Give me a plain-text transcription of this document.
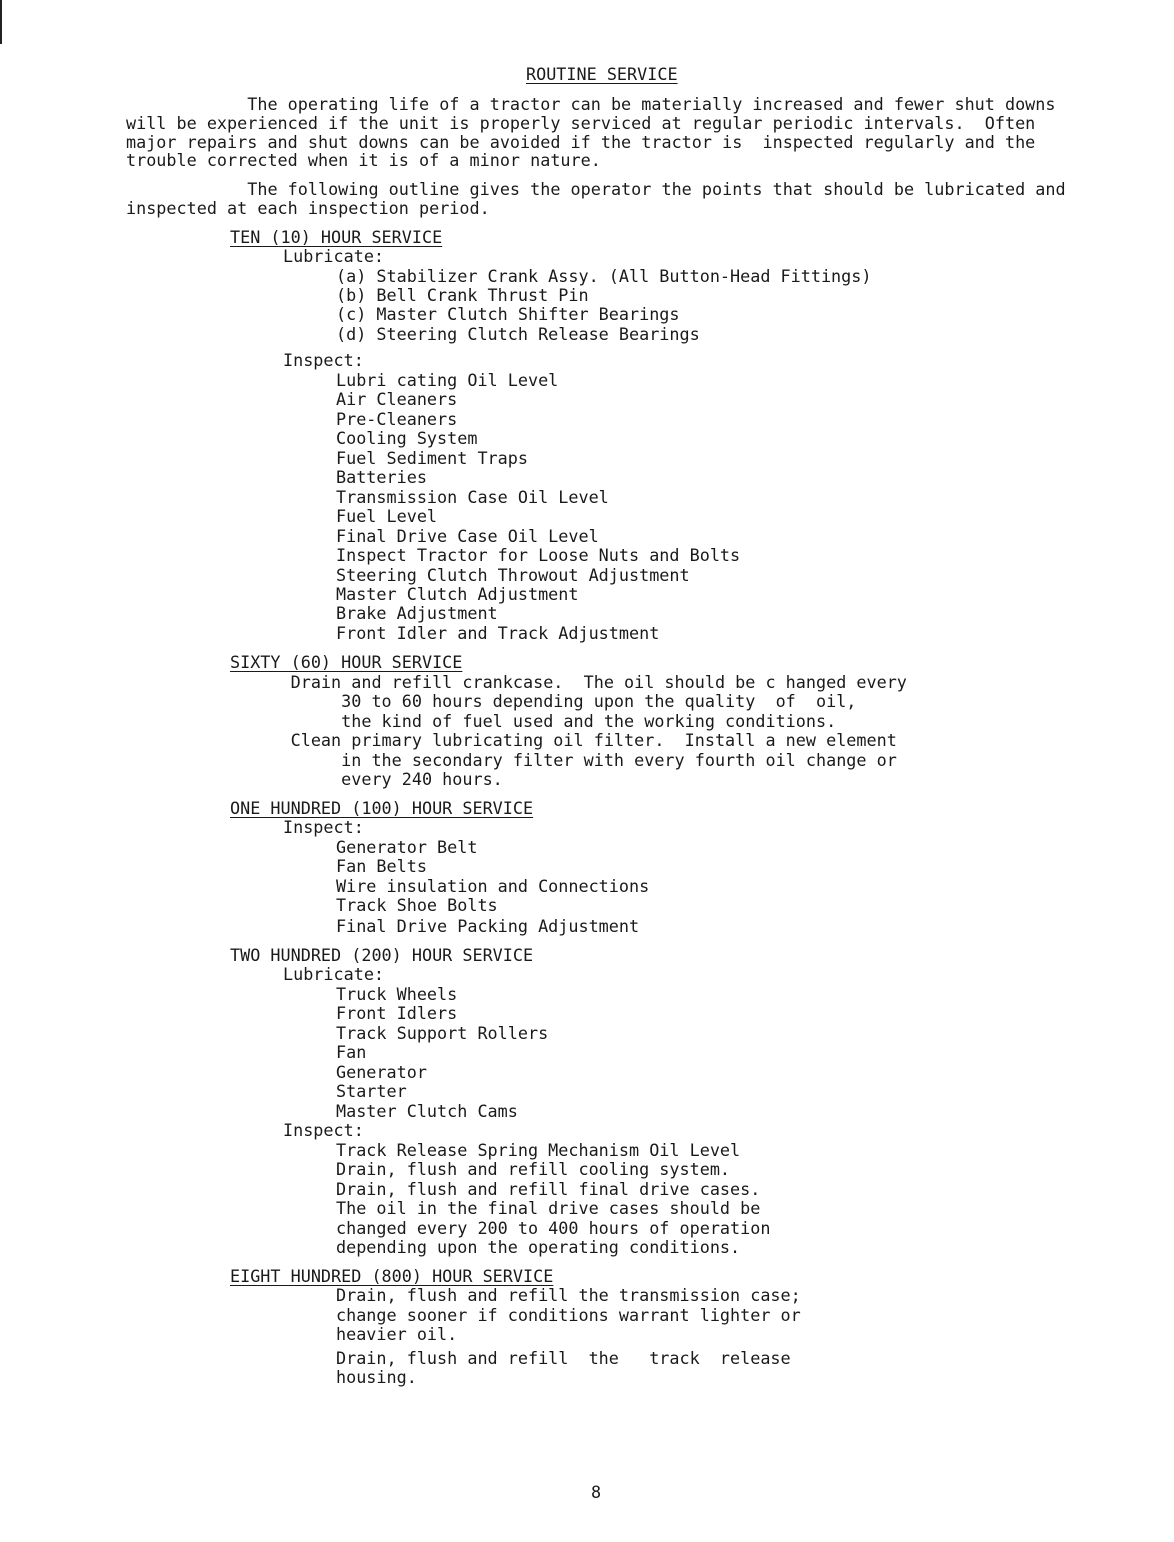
ROUTINE SERVICE
The operating life of a tractor can be materially increased and fewer shut downs
will be experienced if the unit is properly serviced at regular periodic intervals.  Often
major repairs and shut downs can be avoided if the tractor is  inspected regularly and the
trouble corrected when it is of a minor nature.
The following outline gives the operator the points that should be lubricated and
inspected at each inspection period.
TEN (10) HOUR SERVICE
Lubricate:
(a) Stabilizer Crank Assy. (All Button-Head Fittings)
(b) Bell Crank Thrust Pin
(c) Master Clutch Shifter Bearings
(d) Steering Clutch Release Bearings
Inspect:
Lubri cating Oil Level
Air Cleaners
Pre-Cleaners
Cooling System
Fuel Sediment Traps
Batteries
Transmission Case Oil Level
Fuel Level
Final Drive Case Oil Level
Inspect Tractor for Loose Nuts and Bolts
Steering Clutch Throwout Adjustment
Master Clutch Adjustment
Brake Adjustment
Front Idler and Track Adjustment
SIXTY (60) HOUR SERVICE
Drain and refill crankcase.  The oil should be c hanged every
30 to 60 hours depending upon the quality  of  oil,
the kind of fuel used and the working conditions.
Clean primary lubricating oil filter.  Install a new element
in the secondary filter with every fourth oil change or
every 240 hours.
ONE HUNDRED (100) HOUR SERVICE
Inspect:
Generator Belt
Fan Belts
Wire insulation and Connections
Track Shoe Bolts
Final Drive Packing Adjustment
TWO HUNDRED (200) HOUR SERVICE
Lubricate:
Truck Wheels
Front Idlers
Track Support Rollers
Fan
Generator
Starter
Master Clutch Cams
Inspect:
Track Release Spring Mechanism Oil Level
Drain, flush and refill cooling system.
Drain, flush and refill final drive cases.
The oil in the final drive cases should be
changed every 200 to 400 hours of operation
depending upon the operating conditions.
EIGHT HUNDRED (800) HOUR SERVICE
Drain, flush and refill the transmission case;
change sooner if conditions warrant lighter or
heavier oil.
Drain, flush and refill  the   track  release
housing.
8
